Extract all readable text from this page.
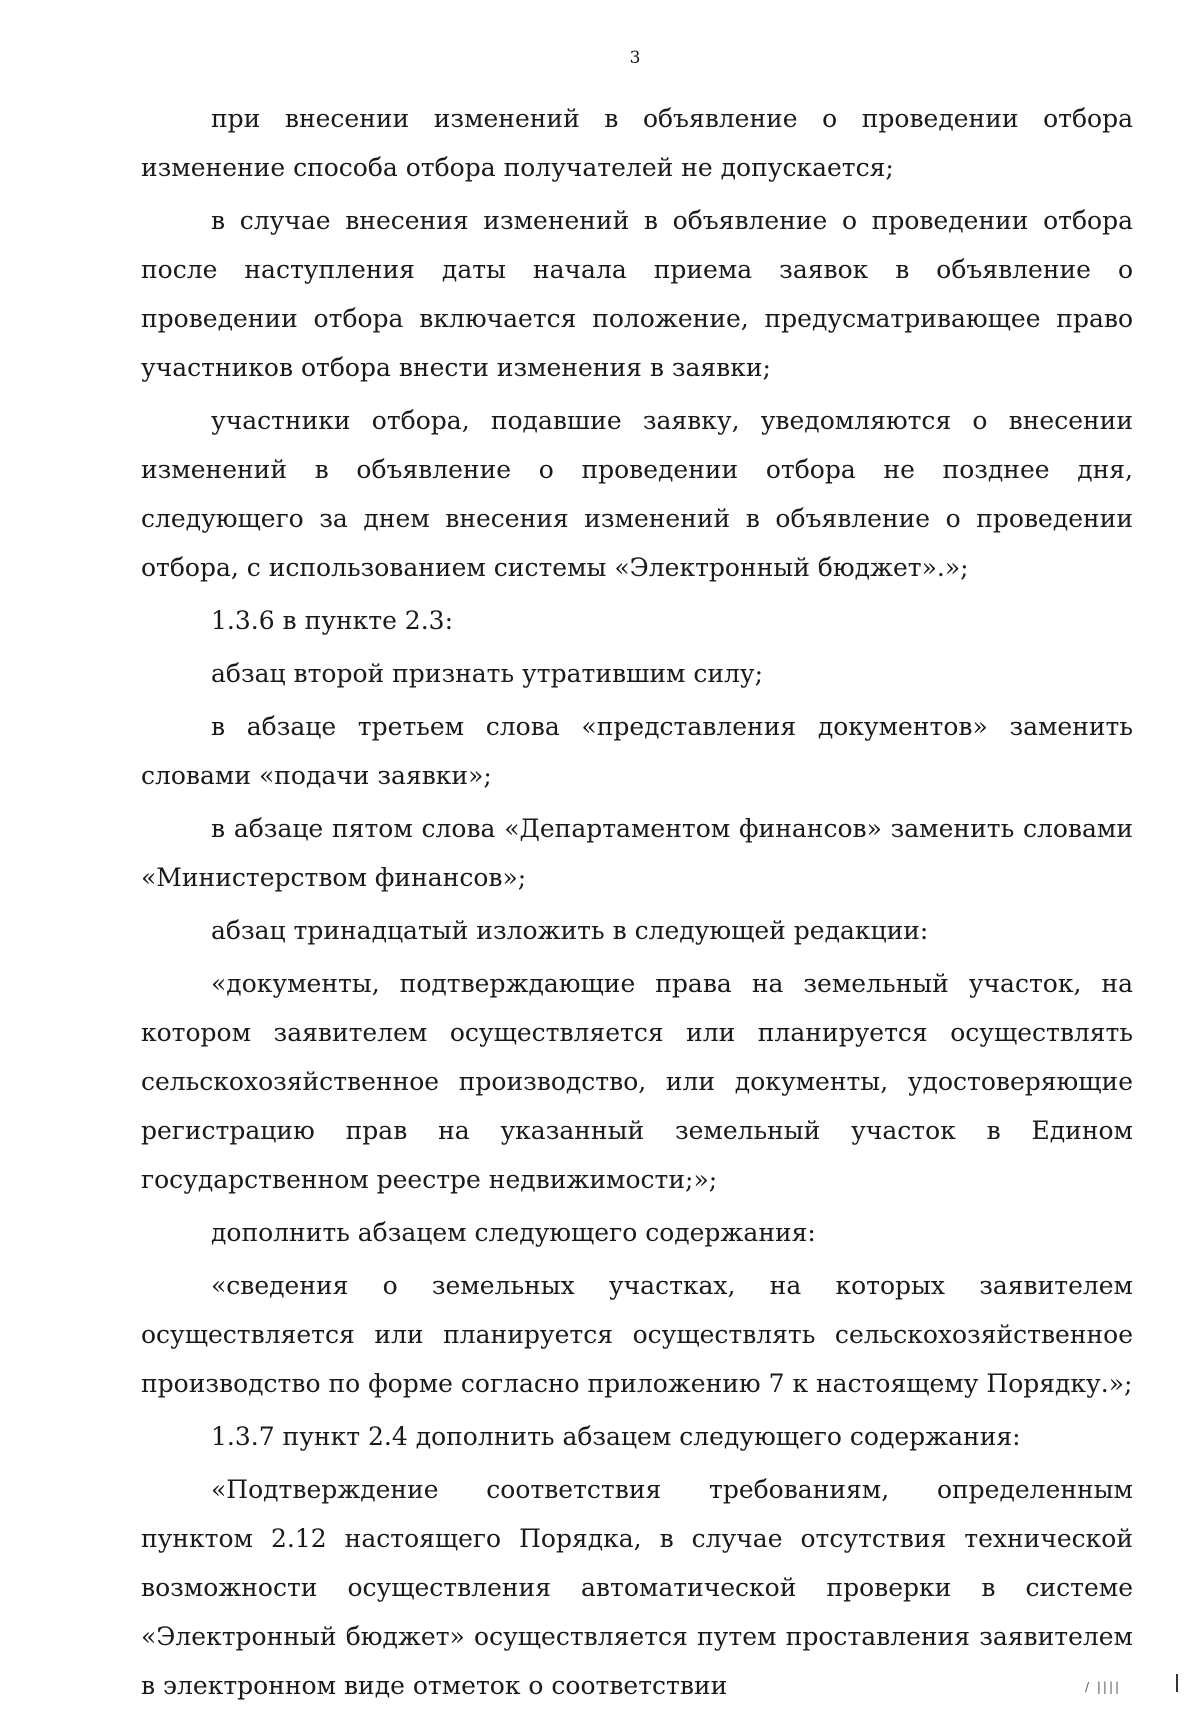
3

при внесении изменений в объявление о проведении отбора изменение способа отбора получателей не допускается;

в случае внесения изменений в объявление о проведении отбора после наступления даты начала приема заявок в объявление о проведении отбора включается положение, предусматривающее право участников отбора внести изменения в заявки;

участники отбора, подавшие заявку, уведомляются о внесении изменений в объявление о проведении отбора не позднее дня, следующего за днем внесения изменений в объявление о проведении отбора, с использованием системы «Электронный бюджет».»;

1.3.6 в пункте 2.3:

абзац второй признать утратившим силу;

в абзаце третьем слова «представления документов» заменить словами «подачи заявки»;

в абзаце пятом слова «Департаментом финансов» заменить словами «Министерством финансов»;

абзац тринадцатый изложить в следующей редакции:

«документы, подтверждающие права на земельный участок, на котором заявителем осуществляется или планируется осуществлять сельскохозяйственное производство, или документы, удостоверяющие регистрацию прав на указанный земельный участок в Едином государственном реестре недвижимости;»;

дополнить абзацем следующего содержания:

«сведения о земельных участках, на которых заявителем осуществляется или планируется осуществлять сельскохозяйственное производство по форме согласно приложению 7 к настоящему Порядку.»;

1.3.7 пункт 2.4 дополнить абзацем следующего содержания:

«Подтверждение соответствия требованиям, определенным пунктом 2.12 настоящего Порядка, в случае отсутствия технической возможности осуществления автоматической проверки в системе «Электронный бюджет» осуществляется путем проставления заявителем в электронном виде отметок о соответствии	/ ||||
